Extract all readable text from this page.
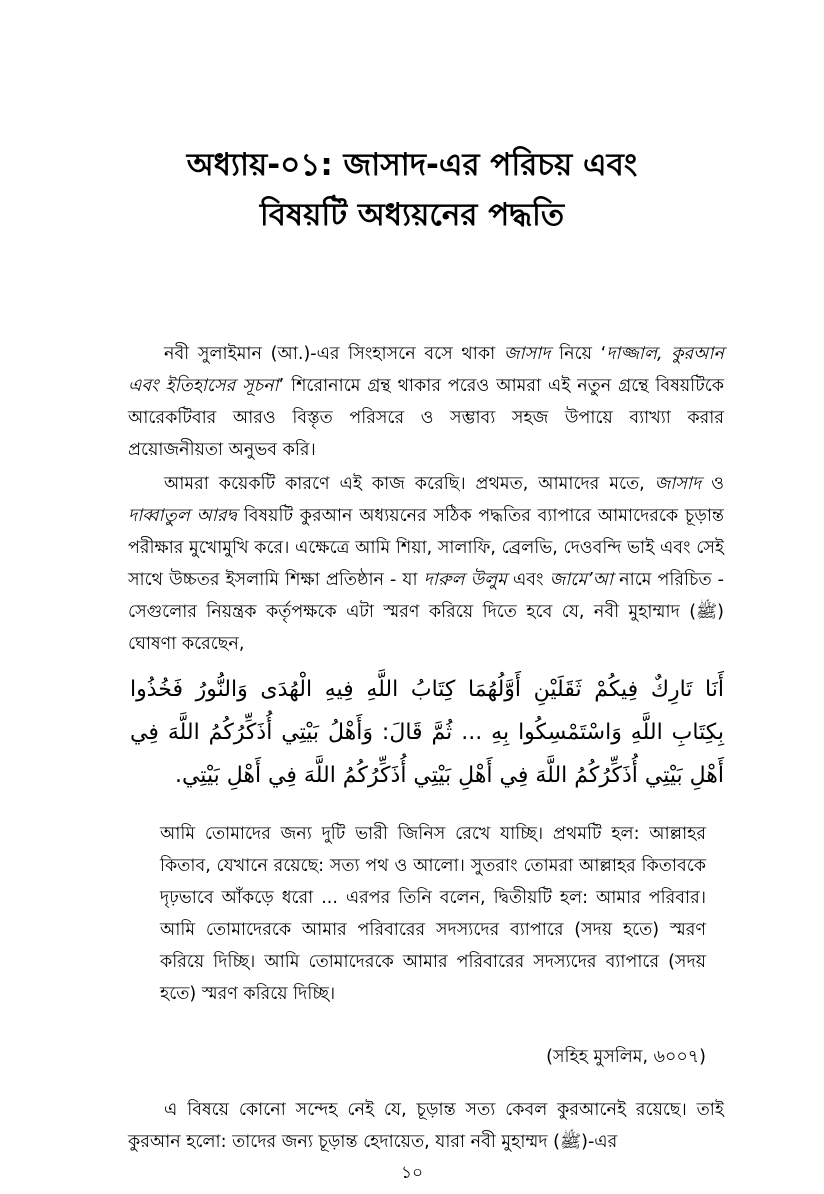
অধ্যায়-০১: জাসাদ-এর পরিচয় এবং
বিষয়টি অধ্যয়নের পদ্ধতি

নবী সুলাইমান (আ.)-এর সিংহাসনে বসে থাকা জাসাদ নিয়ে ‘দাজ্জাল, কুরআন এবং ইতিহাসের সূচনা’ শিরোনামে গ্রন্থ থাকার পরেও আমরা এই নতুন গ্রন্থে বিষয়টিকে আরেকটিবার আরও বিস্তৃত পরিসরে ও সম্ভাব্য সহজ উপায়ে ব্যাখ্যা করার প্রয়োজনীয়তা অনুভব করি।

আমরা কয়েকটি কারণে এই কাজ করেছি। প্রথমত, আমাদের মতে, জাসাদ ও দাব্বাতুল আরদ্ব বিষয়টি কুরআন অধ্যয়নের সঠিক পদ্ধতির ব্যাপারে আমাদেরকে চূড়ান্ত পরীক্ষার মুখোমুখি করে। এক্ষেত্রে আমি শিয়া, সালাফি, ব্রেলভি, দেওবন্দি ভাই এবং সেই সাথে উচ্চতর ইসলামি শিক্ষা প্রতিষ্ঠান - যা দারুল উলুম এবং জামে’আ নামে পরিচিত - সেগুলোর নিয়ন্ত্রক কর্তৃপক্ষকে এটা স্মরণ করিয়ে দিতে হবে যে, নবী মুহাম্মাদ (ﷺ) ঘোষণা করেছেন,

أَنَا تَارِكٌ فِيكُمْ ثَقَلَيْنِ أَوَّلُهُمَا كِتَابُ اللَّهِ فِيهِ الْهُدَى وَالنُّورُ فَخُذُوا بِكِتَابِ اللَّهِ وَاسْتَمْسِكُوا بِهِ ... ثُمَّ قَالَ: وَأَهْلُ بَيْتِي أُذَكِّرُكُمُ اللَّهَ فِي أَهْلِ بَيْتِي أُذَكِّرُكُمُ اللَّهَ فِي أَهْلِ بَيْتِي أُذَكِّرُكُمُ اللَّهَ فِي أَهْلِ بَيْتِي.

আমি তোমাদের জন্য দুটি ভারী জিনিস রেখে যাচ্ছি। প্রথমটি হল: আল্লাহর কিতাব, যেখানে রয়েছে: সত্য পথ ও আলো। সুতরাং তোমরা আল্লাহর কিতাবকে দৃঢ়ভাবে আঁকড়ে ধরো ... এরপর তিনি বলেন, দ্বিতীয়টি হল: আমার পরিবার। আমি তোমাদেরকে আমার পরিবারের সদস্যদের ব্যাপারে (সদয় হতে) স্মরণ করিয়ে দিচ্ছি। আমি তোমাদেরকে আমার পরিবারের সদস্যদের ব্যাপারে (সদয় হতে) স্মরণ করিয়ে দিচ্ছি।

(সহিহ মুসলিম, ৬০০৭)

এ বিষয়ে কোনো সন্দেহ নেই যে, চূড়ান্ত সত্য কেবল কুরআনেই রয়েছে। তাই কুরআন হলো: তাদের জন্য চূড়ান্ত হেদায়েত, যারা নবী মুহাম্মদ (ﷺ)-এর

১০
